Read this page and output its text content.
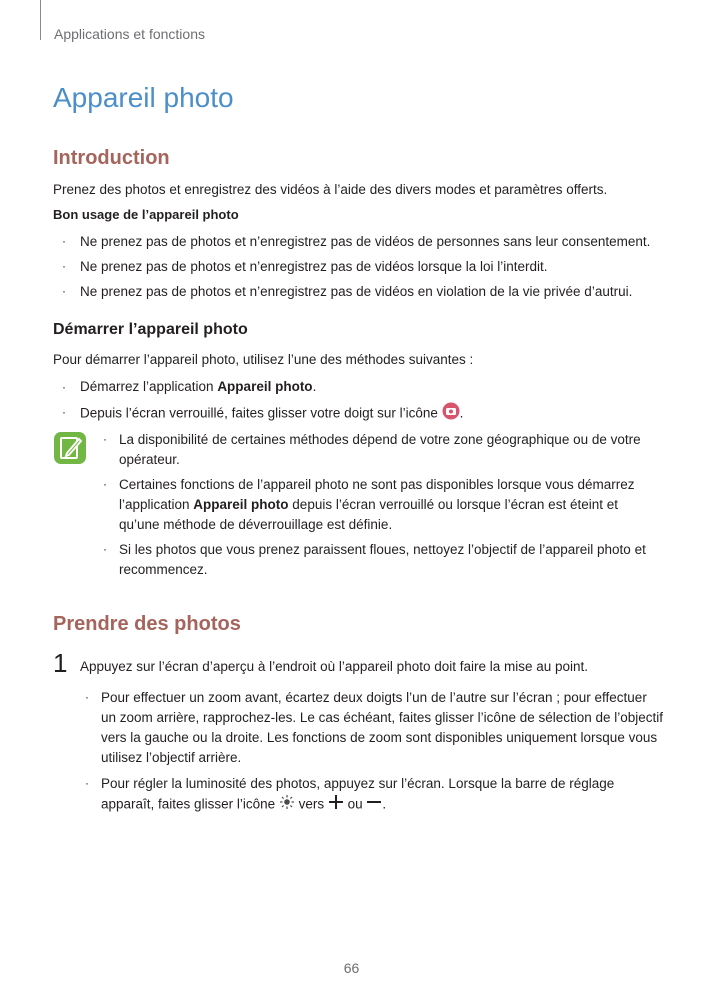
Applications et fonctions
Appareil photo
Introduction
Prenez des photos et enregistrez des vidéos à l’aide des divers modes et paramètres offerts.
Bon usage de l’appareil photo
· Ne prenez pas de photos et n’enregistrez pas de vidéos de personnes sans leur consentement.
· Ne prenez pas de photos et n’enregistrez pas de vidéos lorsque la loi l’interdit.
· Ne prenez pas de photos et n’enregistrez pas de vidéos en violation de la vie privée d’autrui.
Démarrer l’appareil photo
Pour démarrer l’appareil photo, utilisez l’une des méthodes suivantes :
· Démarrez l’application Appareil photo.
· Depuis l’écran verrouillé, faites glisser votre doigt sur l’icône .
· La disponibilité de certaines méthodes dépend de votre zone géographique ou de votre
opérateur.
· Certaines fonctions de l’appareil photo ne sont pas disponibles lorsque vous démarrez
l’application Appareil photo depuis l’écran verrouillé ou lorsque l’écran est éteint et
qu’une méthode de déverrouillage est définie.
· Si les photos que vous prenez paraissent floues, nettoyez l’objectif de l’appareil photo et
recommencez.
Prendre des photos
1 Appuyez sur l’écran d’aperçu à l’endroit où l’appareil photo doit faire la mise au point.
· Pour effectuer un zoom avant, écartez deux doigts l’un de l’autre sur l’écran ; pour effectuer
un zoom arrière, rapprochez-les. Le cas échéant, faites glisser l’icône de sélection de l’objectif
vers la gauche ou la droite. Les fonctions de zoom sont disponibles uniquement lorsque vous
utilisez l’objectif arrière.
· Pour régler la luminosité des photos, appuyez sur l’écran. Lorsque la barre de réglage
apparaît, faites glisser l’icône  vers  ou .
66
